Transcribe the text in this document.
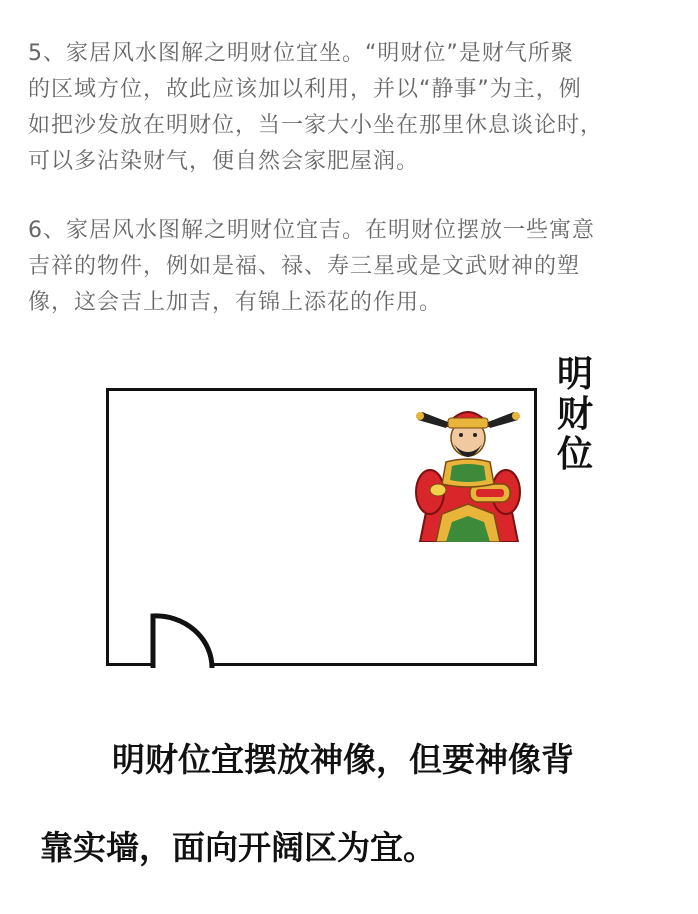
5、家居风水图解之明财位宜坐。“明财位”是财气所聚
的区域方位，故此应该加以利用，并以“静事”为主，例
如把沙发放在明财位，当一家大小坐在那里休息谈论时，
可以多沾染财气，便自然会家肥屋润。

6、家居风水图解之明财位宜吉。在明财位摆放一些寓意
吉祥的物件，例如是福、禄、寿三星或是文武财神的塑
像，这会吉上加吉，有锦上添花的作用。

明
财
位

明财位宜摆放神像，但要神像背

靠实墙，面向开阔区为宜。
